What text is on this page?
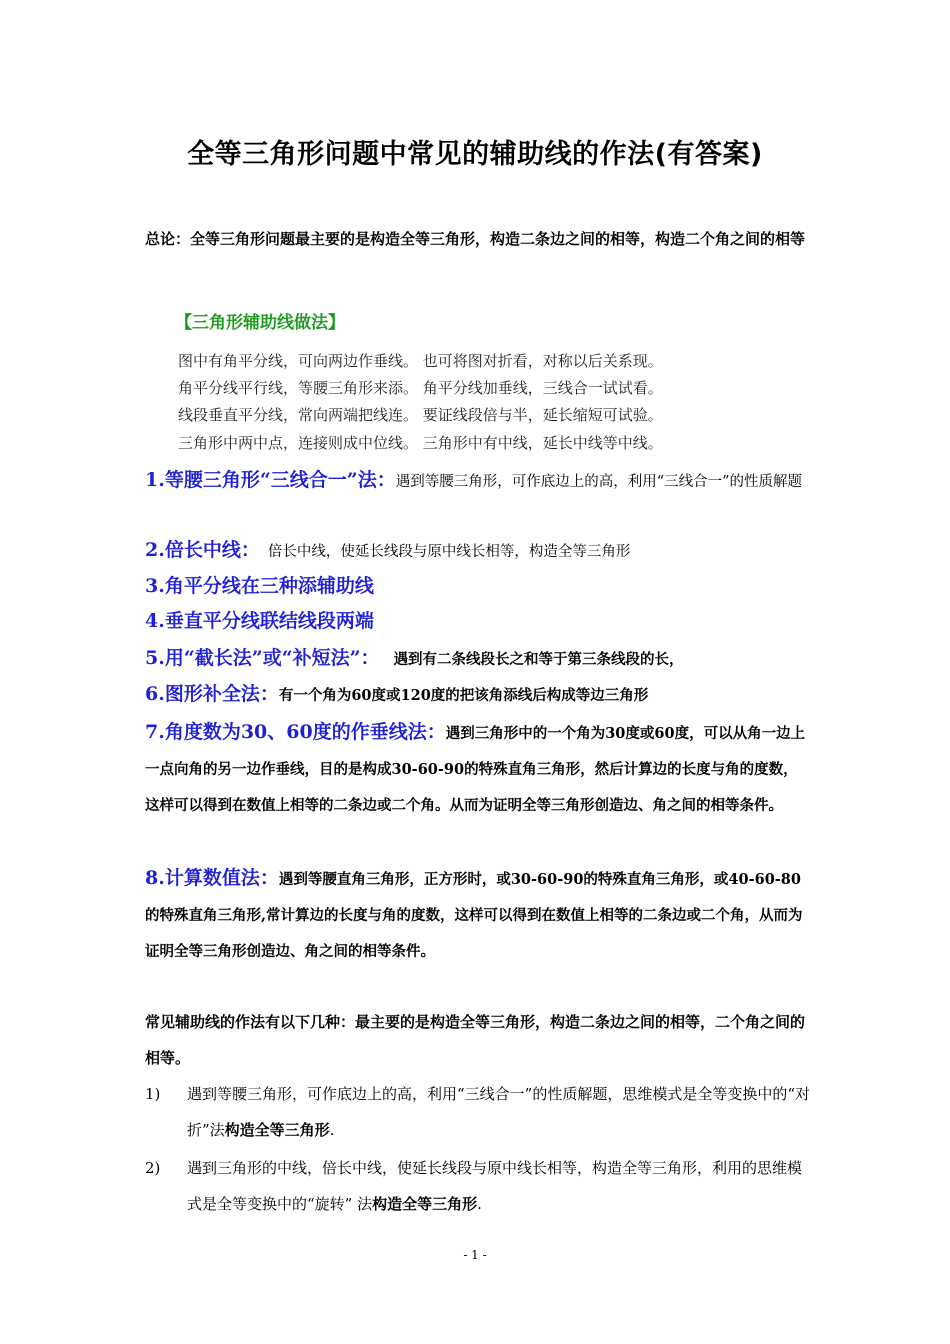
全等三角形问题中常见的辅助线的作法(有答案)
总论：全等三角形问题最主要的是构造全等三角形，构造二条边之间的相等，构造二个角之间的相等
【三角形辅助线做法】
图中有角平分线，可向两边作垂线。 也可将图对折看，对称以后关系现。
角平分线平行线，等腰三角形来添。 角平分线加垂线，三线合一试试看。
线段垂直平分线，常向两端把线连。 要证线段倍与半，延长缩短可试验。
三角形中两中点，连接则成中位线。 三角形中有中线，延长中线等中线。
1.等腰三角形“三线合一”法：遇到等腰三角形，可作底边上的高，利用“三线合一”的性质解题
2.倍长中线： 倍长中线，使延长线段与原中线长相等，构造全等三角形
3.角平分线在三种添辅助线
4.垂直平分线联结线段两端
5.用“截长法”或“补短法”： 遇到有二条线段长之和等于第三条线段的长，
6.图形补全法：有一个角为60度或120度的把该角添线后构成等边三角形
7.角度数为30、60度的作垂线法：遇到三角形中的一个角为30度或60度，可以从角一边上一点向角的另一边作垂线，目的是构成30-60-90的特殊直角三角形，然后计算边的长度与角的度数，这样可以得到在数值上相等的二条边或二个角。从而为证明全等三角形创造边、角之间的相等条件。
8.计算数值法：遇到等腰直角三角形，正方形时，或30-60-90的特殊直角三角形，或40-60-80的特殊直角三角形,常计算边的长度与角的度数，这样可以得到在数值上相等的二条边或二个角，从而为证明全等三角形创造边、角之间的相等条件。
常见辅助线的作法有以下几种：最主要的是构造全等三角形，构造二条边之间的相等，二个角之间的相等。
1) 遇到等腰三角形，可作底边上的高，利用“三线合一”的性质解题，思维模式是全等变换中的“对折”法构造全等三角形.
2) 遇到三角形的中线，倍长中线，使延长线段与原中线长相等，构造全等三角形，利用的思维模式是全等变换中的“旋转” 法构造全等三角形.
- 1 -
